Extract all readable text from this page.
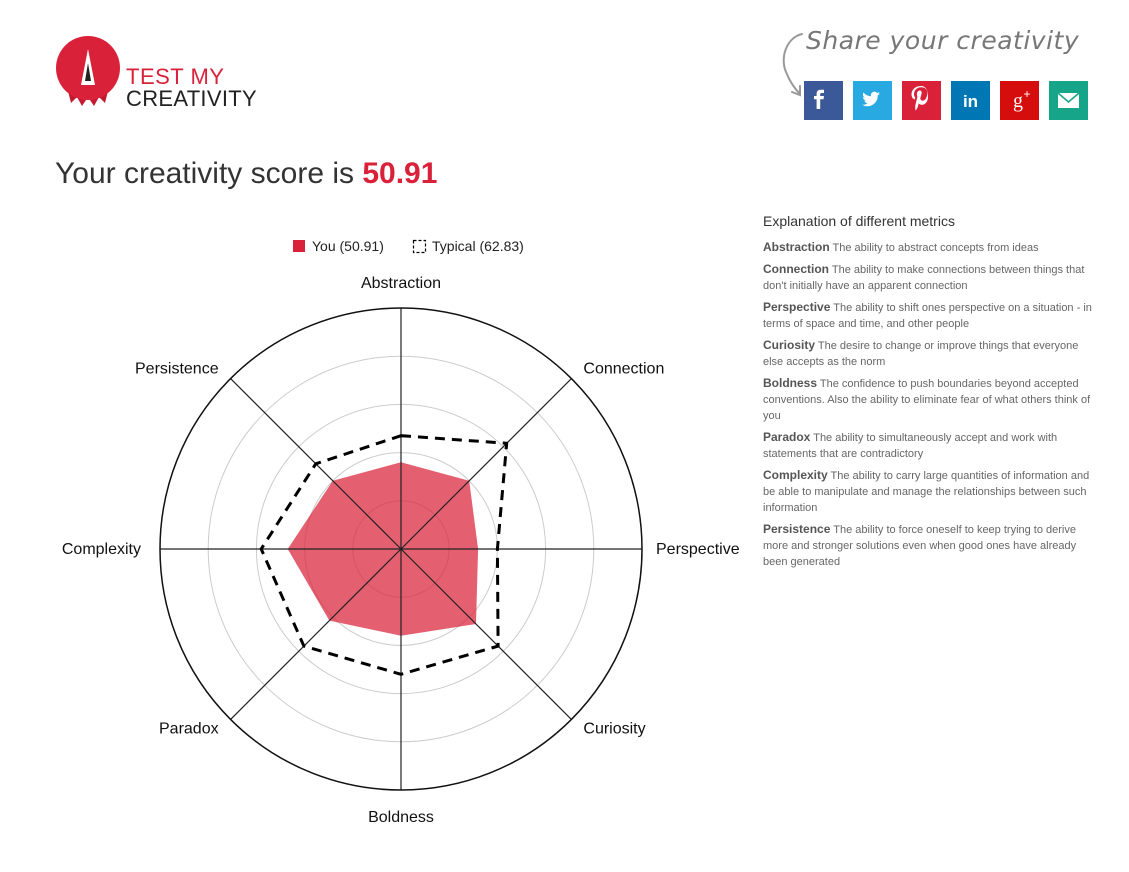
TEST MY
CREATIVITY
Share your creativity
in g +
Your creativity score is 50.91
Abstraction
Connection
Perspective
Curiosity
Boldness
Paradox
Complexity
Persistence
You (50.91)	Typical (62.83)
Explanation of different metrics
Abstraction The ability to abstract concepts from ideas
Connection The ability to make connections between things that don't initially have an apparent connection
Perspective The ability to shift ones perspective on a situation - in terms of space and time, and other people
Curiosity The desire to change or improve things that everyone else accepts as the norm
Boldness The confidence to push boundaries beyond accepted conventions. Also the ability to eliminate fear of what others think of you
Paradox The ability to simultaneously accept and work with statements that are contradictory
Complexity The ability to carry large quantities of information and be able to manipulate and manage the relationships between such information
Persistence The ability to force oneself to keep trying to derive more and stronger solutions even when good ones have already been generated
